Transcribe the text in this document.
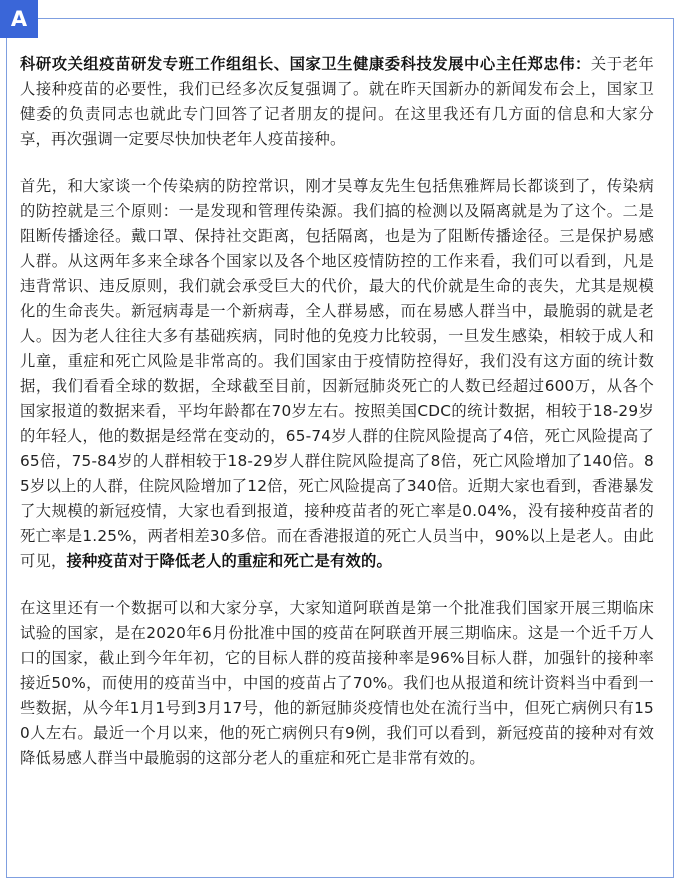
A

科研攻关组疫苗研发专班工作组组长、国家卫生健康委科技发展中心主任郑忠伟：关于老年人接种疫苗的必要性，我们已经多次反复强调了。就在昨天国新办的新闻发布会上，国家卫健委的负责同志也就此专门回答了记者朋友的提问。在这里我还有几方面的信息和大家分享，再次强调一定要尽快加快老年人疫苗接种。

首先，和大家谈一个传染病的防控常识，刚才吴尊友先生包括焦雅辉局长都谈到了，传染病的防控就是三个原则：一是发现和管理传染源。我们搞的检测以及隔离就是为了这个。二是阻断传播途径。戴口罩、保持社交距离，包括隔离，也是为了阻断传播途径。三是保护易感人群。从这两年多来全球各个国家以及各个地区疫情防控的工作来看，我们可以看到，凡是违背常识、违反原则，我们就会承受巨大的代价，最大的代价就是生命的丧失，尤其是规模化的生命丧失。新冠病毒是一个新病毒，全人群易感，而在易感人群当中，最脆弱的就是老人。因为老人往往大多有基础疾病，同时他的免疫力比较弱，一旦发生感染，相较于成人和儿童，重症和死亡风险是非常高的。我们国家由于疫情防控得好，我们没有这方面的统计数据，我们看看全球的数据，全球截至目前，因新冠肺炎死亡的人数已经超过600万，从各个国家报道的数据来看，平均年龄都在70岁左右。按照美国CDC的统计数据，相较于18-29岁的年轻人，他的数据是经常在变动的，65-74岁人群的住院风险提高了4倍，死亡风险提高了65倍，75-84岁的人群相较于18-29岁人群住院风险提高了8倍，死亡风险增加了140倍。85岁以上的人群，住院风险增加了12倍，死亡风险提高了340倍。近期大家也看到，香港暴发了大规模的新冠疫情，大家也看到报道，接种疫苗者的死亡率是0.04%，没有接种疫苗者的死亡率是1.25%，两者相差30多倍。而在香港报道的死亡人员当中，90%以上是老人。由此可见，接种疫苗对于降低老人的重症和死亡是有效的。

在这里还有一个数据可以和大家分享，大家知道阿联酋是第一个批准我们国家开展三期临床试验的国家，是在2020年6月份批准中国的疫苗在阿联酋开展三期临床。这是一个近千万人口的国家，截止到今年年初，它的目标人群的疫苗接种率是96%目标人群，加强针的接种率接近50%，而使用的疫苗当中，中国的疫苗占了70%。我们也从报道和统计资料当中看到一些数据，从今年1月1号到3月17号，他的新冠肺炎疫情也处在流行当中，但死亡病例只有150人左右。最近一个月以来，他的死亡病例只有9例，我们可以看到，新冠疫苗的接种对有效降低易感人群当中最脆弱的这部分老人的重症和死亡是非常有效的。
